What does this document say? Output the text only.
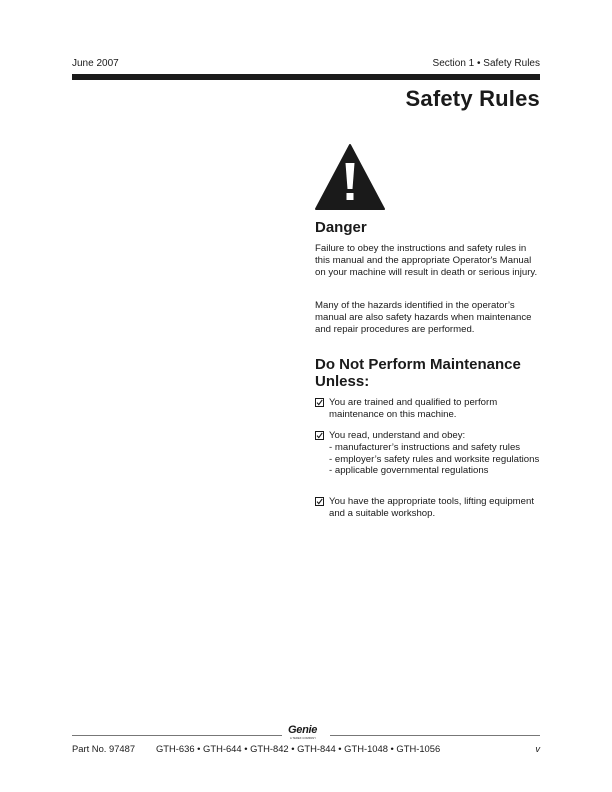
June 2007	Section 1 • Safety Rules
Safety Rules
Danger
Failure to obey the instructions and safety rules in this manual and the appropriate Operator's Manual on your machine will result in death or serious injury.
Many of the hazards identified in the operator’s manual are also safety hazards when maintenance and repair procedures are performed.
Do Not Perform Maintenance Unless:
You are trained and qualified to perform maintenance on this machine.
You read, understand and obey:
- manufacturer’s instructions and safety rules
- employer’s safety rules and worksite regulations
- applicable governmental regulations
You have the appropriate tools, lifting equipment and a suitable workshop.
Genie
A TEREX COMPANY
Part No. 97487 GTH-636 • GTH-644 • GTH-842 • GTH-844 • GTH-1048 • GTH-1056	v
